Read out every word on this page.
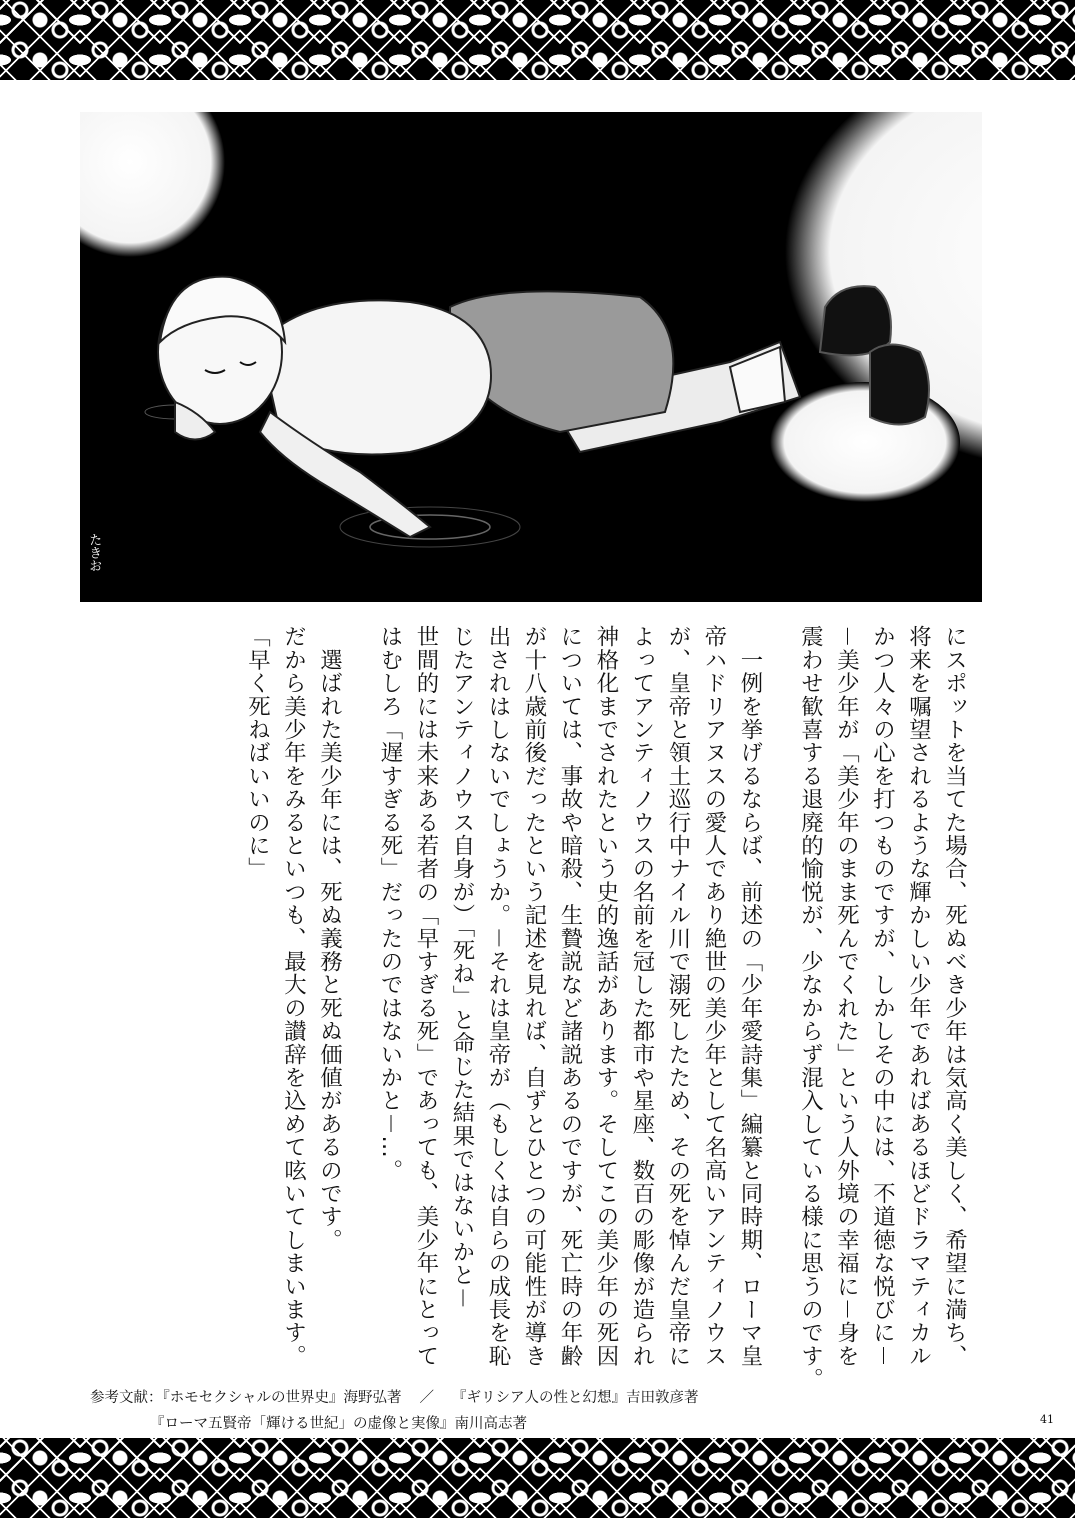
たきお
にスポットを当てた場合、死ぬべき少年は気高く美しく、希望に満ち、
将来を嘱望されるような輝かしい少年であればあるほどドラマティカル
かつ人々の心を打つものですが、しかしその中には、不道徳な悦びに－
－美少年が「美少年のまま死んでくれた」という人外境の幸福に－身を
震わせ歓喜する退廃的愉悦が、少なからず混入している様に思うのです。
　一例を挙げるならば、前述の「少年愛詩集」編纂と同時期、ローマ皇
帝ハドリアヌスの愛人であり絶世の美少年として名高いアンティノウス
が、皇帝と領土巡行中ナイル川で溺死したため、その死を悼んだ皇帝に
よってアンティノウスの名前を冠した都市や星座、数百の彫像が造られ
神格化までされたという史的逸話があります。そしてこの美少年の死因
については、事故や暗殺、生贄説など諸説あるのですが、死亡時の年齢
が十八歳前後だったという記述を見れば、自ずとひとつの可能性が導き
出されはしないでしょうか。－それは皇帝が（もしくは自らの成長を恥
じたアンティノウス自身が）「死ね」と命じた結果ではないかと－
世間的には未来ある若者の「早すぎる死」であっても、美少年にとって
はむしろ「遅すぎる死」だったのではないかと－…。
　選ばれた美少年には、死ぬ義務と死ぬ価値があるのです。
だから美少年をみるといつも、最大の讃辞を込めて呟いてしまいます。
「早く死ねばいいのに」
参考文献：『ホモセクシャルの世界史』海野弘著 ／ 『ギリシア人の性と幻想』吉田敦彦著
『ローマ五賢帝「輝ける世紀」の虚像と実像』南川高志著	41
